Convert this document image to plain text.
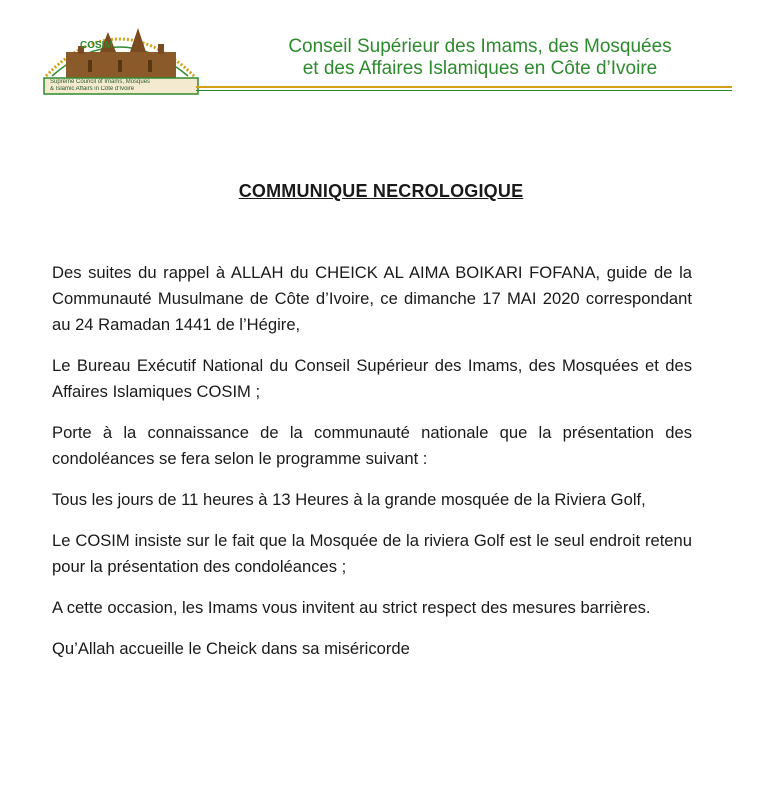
COSIM
Supreme Council of Imams, Mosques
& Islamic Affairs in Côte d'Ivoire
Conseil Supérieur des Imams, des Mosquées
et des Affaires Islamiques en Côte d’Ivoire
COMMUNIQUE NECROLOGIQUE

Des suites du rappel à ALLAH du CHEICK AL AIMA BOIKARI FOFANA, guide de la Communauté Musulmane de Côte d’Ivoire, ce dimanche 17 MAI 2020 correspondant au 24 Ramadan 1441 de l’Hégire,

Le Bureau Exécutif National du Conseil Supérieur des Imams, des Mosquées et des Affaires Islamiques COSIM ;

Porte à la connaissance de la communauté nationale que la présentation des condoléances se fera selon le programme suivant :

Tous les jours de 11 heures à 13 Heures à la grande mosquée de la Riviera Golf,

Le COSIM insiste sur le fait que la Mosquée de la riviera Golf est le seul endroit retenu pour la présentation des condoléances ;

A cette occasion, les Imams vous invitent au strict respect des mesures barrières.

Qu’Allah accueille le Cheick dans sa miséricorde
